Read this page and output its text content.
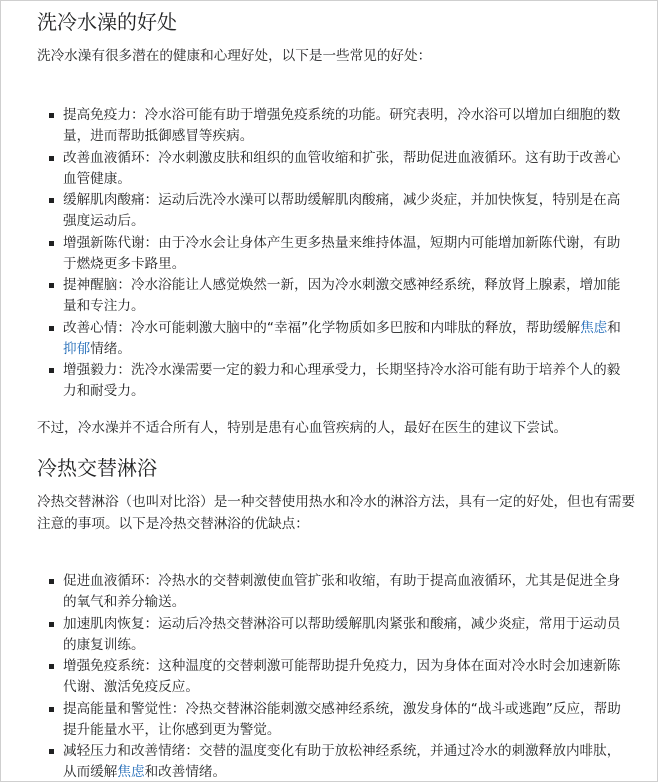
洗冷水澡的好处

洗冷水澡有很多潜在的健康和心理好处，以下是一些常见的好处：

提高免疫力：冷水浴可能有助于增强免疫系统的功能。研究表明，冷水浴可以增加白细胞的数量，进而帮助抵御感冒等疾病。
改善血液循环：冷水刺激皮肤和组织的血管收缩和扩张，帮助促进血液循环。这有助于改善心血管健康。
缓解肌肉酸痛：运动后洗冷水澡可以帮助缓解肌肉酸痛，减少炎症，并加快恢复，特别是在高强度运动后。
增强新陈代谢：由于冷水会让身体产生更多热量来维持体温，短期内可能增加新陈代谢，有助于燃烧更多卡路里。
提神醒脑：冷水浴能让人感觉焕然一新，因为冷水刺激交感神经系统，释放肾上腺素，增加能量和专注力。
改善心情：冷水可能刺激大脑中的“幸福”化学物质如多巴胺和内啡肽的释放，帮助缓解焦虑和抑郁情绪。
增强毅力：洗冷水澡需要一定的毅力和心理承受力，长期坚持冷水浴可能有助于培养个人的毅力和耐受力。

不过，冷水澡并不适合所有人，特别是患有心血管疾病的人，最好在医生的建议下尝试。

冷热交替淋浴

冷热交替淋浴（也叫对比浴）是一种交替使用热水和冷水的淋浴方法，具有一定的好处，但也有需要注意的事项。以下是冷热交替淋浴的优缺点：

促进血液循环：冷热水的交替刺激使血管扩张和收缩，有助于提高血液循环，尤其是促进全身的氧气和养分输送。
加速肌肉恢复：运动后冷热交替淋浴可以帮助缓解肌肉紧张和酸痛，减少炎症，常用于运动员的康复训练。
增强免疫系统：这种温度的交替刺激可能帮助提升免疫力，因为身体在面对冷水时会加速新陈代谢、激活免疫反应。
提高能量和警觉性：冷热交替淋浴能刺激交感神经系统，激发身体的“战斗或逃跑”反应，帮助提升能量水平，让你感到更为警觉。
减轻压力和改善情绪：交替的温度变化有助于放松神经系统，并通过冷水的刺激释放内啡肽，从而缓解焦虑和改善情绪。
